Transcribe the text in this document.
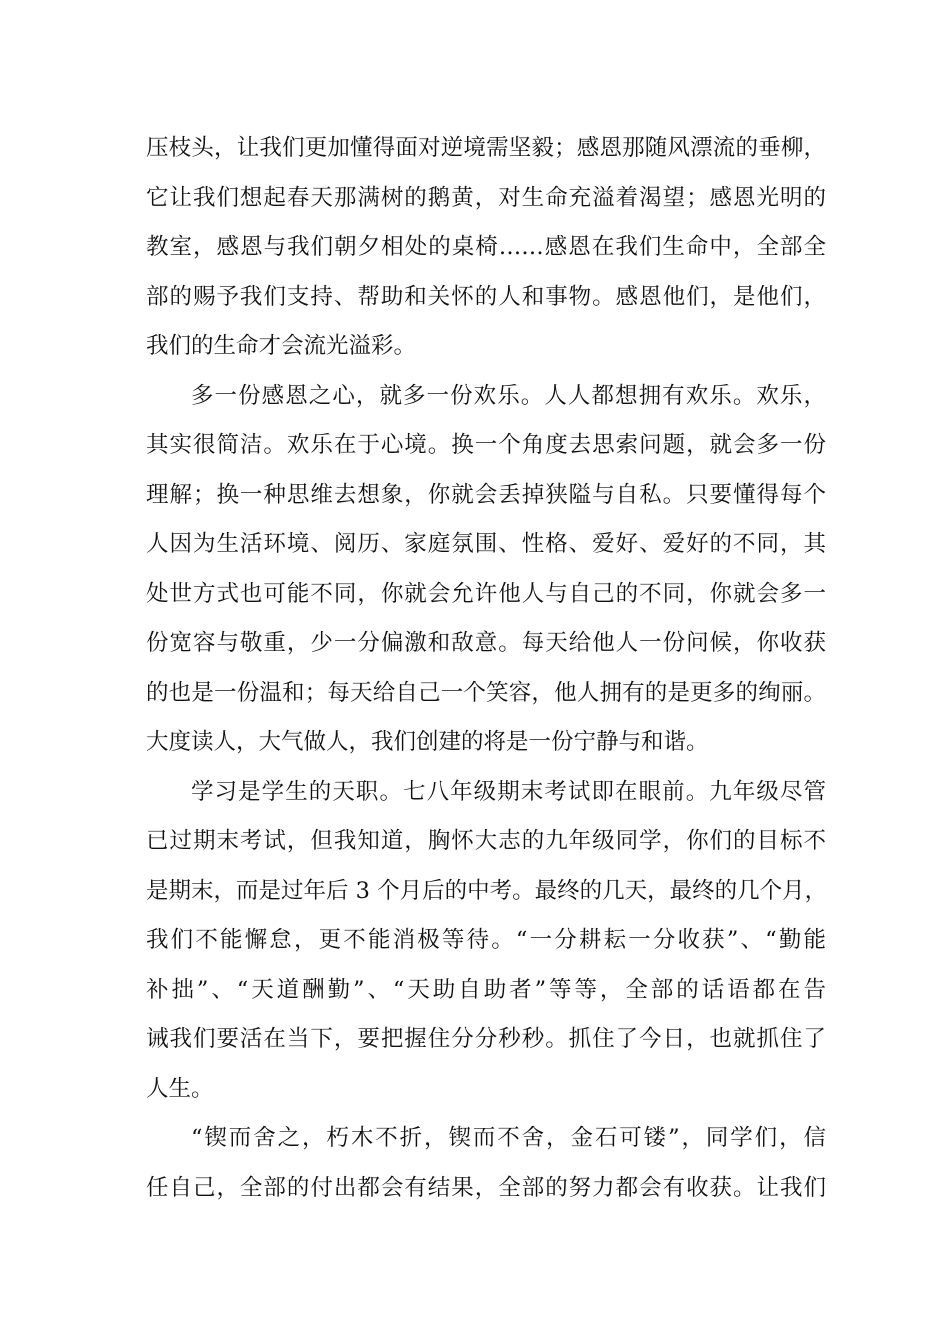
压枝头，让我们更加懂得面对逆境需坚毅；感恩那随风漂流的垂柳，
它让我们想起春天那满树的鹅黄，对生命充溢着渴望；感恩光明的
教室，感恩与我们朝夕相处的桌椅……感恩在我们生命中，全部全
部的赐予我们支持、帮助和关怀的人和事物。感恩他们，是他们，
我们的生命才会流光溢彩。
多一份感恩之心，就多一份欢乐。人人都想拥有欢乐。欢乐，
其实很简洁。欢乐在于心境。换一个角度去思索问题，就会多一份
理解；换一种思维去想象，你就会丢掉狭隘与自私。只要懂得每个
人因为生活环境、阅历、家庭氛围、性格、爱好、爱好的不同，其
处世方式也可能不同，你就会允许他人与自己的不同，你就会多一
份宽容与敬重，少一分偏激和敌意。每天给他人一份问候，你收获
的也是一份温和；每天给自己一个笑容，他人拥有的是更多的绚丽。
大度读人，大气做人，我们创建的将是一份宁静与和谐。
学习是学生的天职。七八年级期末考试即在眼前。九年级尽管
已过期末考试，但我知道，胸怀大志的九年级同学，你们的目标不
是期末，而是过年后 3 个月后的中考。最终的几天，最终的几个月，
我们不能懈怠，更不能消极等待。“一分耕耘一分收获”、“勤能
补拙”、“天道酬勤”、“天助自助者”等等，全部的话语都在告
诫我们要活在当下，要把握住分分秒秒。抓住了今日，也就抓住了
人生。
“锲而舍之，朽木不折，锲而不舍，金石可镂”，同学们，信
任自己，全部的付出都会有结果，全部的努力都会有收获。让我们
